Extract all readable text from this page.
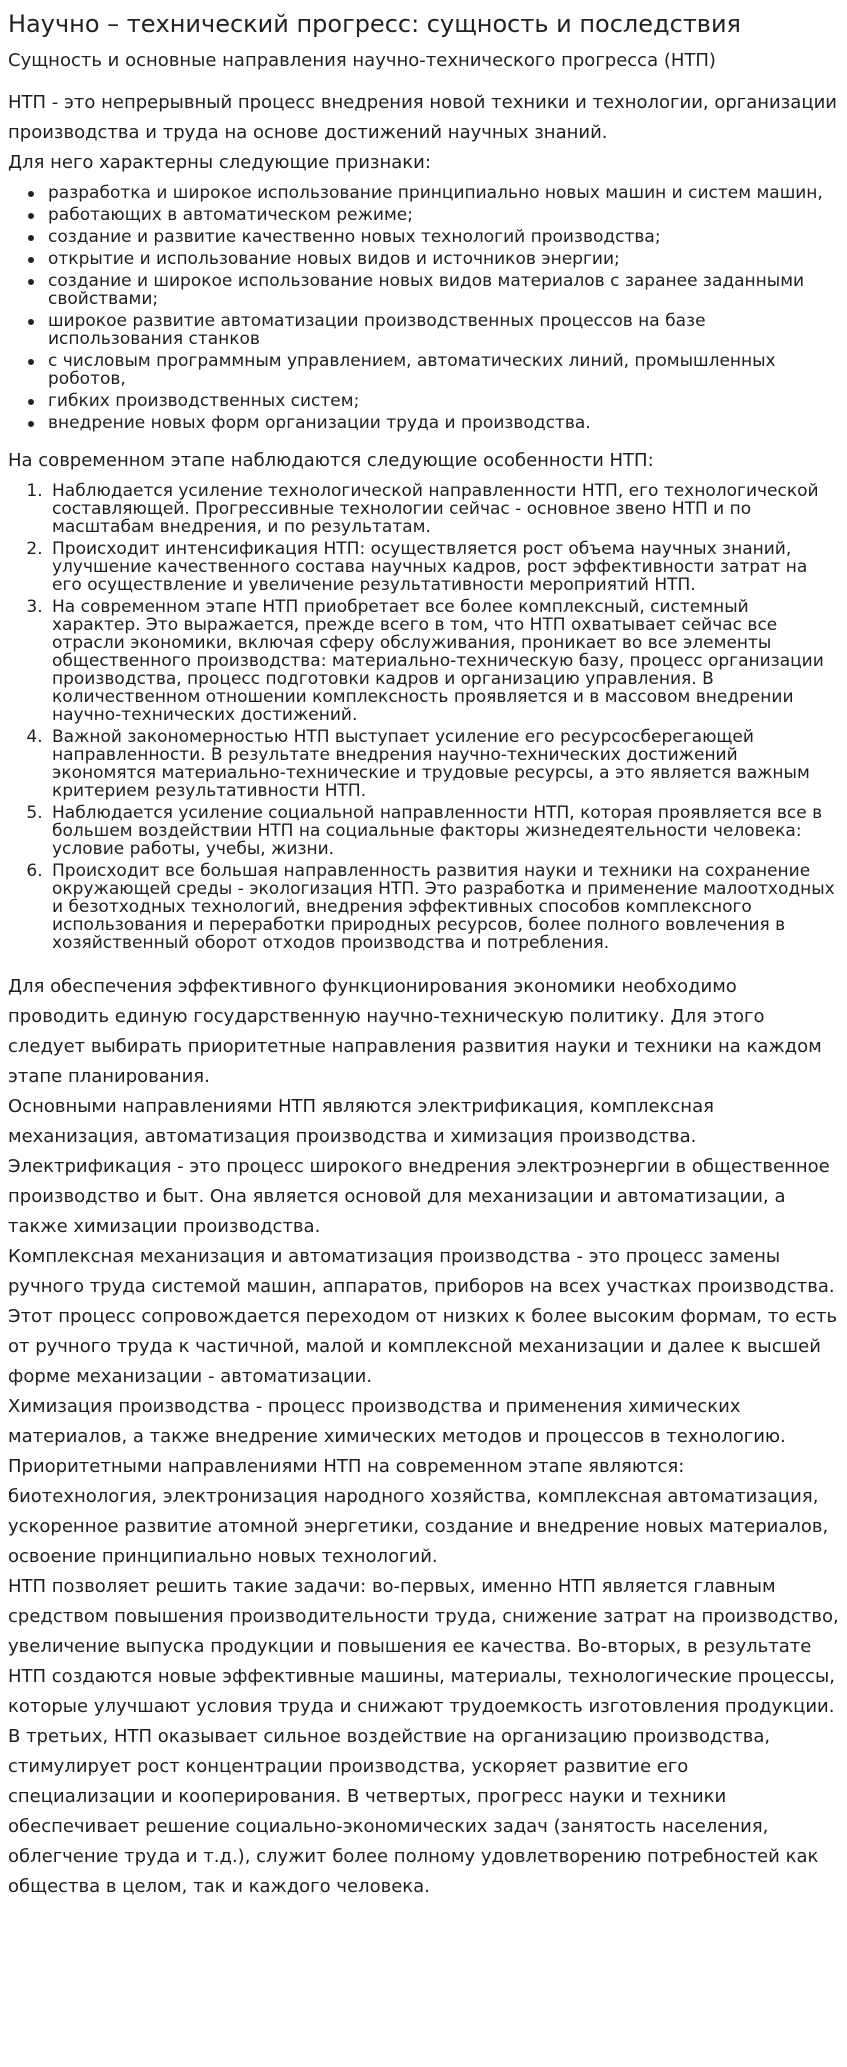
Научно – технический прогресс: сущность и последствия
Сущность и основные направления научно-технического прогресса (НТП)

НТП - это непрерывный процесс внедрения новой техники и технологии, организации производства и труда на основе достижений научных знаний.

Для него характерны следующие признаки:

разработка и широкое использование принципиально новых машин и систем машин,
работающих в автоматическом режиме;
создание и развитие качественно новых технологий производства;
открытие и использование новых видов и источников энергии;
создание и широкое использование новых видов материалов с заранее заданными свойствами;
широкое развитие автоматизации производственных процессов на базе использования станков
с числовым программным управлением, автоматических линий, промышленных роботов,
гибких производственных систем;
внедрение новых форм организации труда и производства.

На современном этапе наблюдаются следующие особенности НТП:

1. Наблюдается усиление технологической направленности НТП, его технологической составляющей. Прогрессивные технологии сейчас - основное звено НТП и по масштабам внедрения, и по результатам.
2. Происходит интенсификация НТП: осуществляется рост объема научных знаний, улучшение качественного состава научных кадров, рост эффективности затрат на его осуществление и увеличение результативности мероприятий НТП.
3. На современном этапе НТП приобретает все более комплексный, системный характер. Это выражается, прежде всего в том, что НТП охватывает сейчас все отрасли экономики, включая сферу обслуживания, проникает во все элементы общественного производства: материально-техническую базу, процесс организации производства, процесс подготовки кадров и организацию управления. В количественном отношении комплексность проявляется и в массовом внедрении научно-технических достижений.
4. Важной закономерностью НТП выступает усиление его ресурсосберегающей направленности. В результате внедрения научно-технических достижений экономятся материально-технические и трудовые ресурсы, а это является важным критерием результативности НТП.
5. Наблюдается усиление социальной направленности НТП, которая проявляется все в большем воздействии НТП на социальные факторы жизнедеятельности человека: условие работы, учебы, жизни.
6. Происходит все большая направленность развития науки и техники на сохранение окружающей среды - экологизация НТП. Это разработка и применение малоотходных и безотходных технологий, внедрения эффективных способов комплексного использования и переработки природных ресурсов, более полного вовлечения в хозяйственный оборот отходов производства и потребления.

Для обеспечения эффективного функционирования экономики необходимо проводить единую государственную научно-техническую политику. Для этого следует выбирать приоритетные направления развития науки и техники на каждом этапе планирования.

Основными направлениями НТП являются электрификация, комплексная механизация, автоматизация производства и химизация производства.

Электрификация - это процесс широкого внедрения электроэнергии в общественное производство и быт. Она является основой для механизации и автоматизации, а также химизации производства.

Комплексная механизация и автоматизация производства - это процесс замены ручного труда системой машин, аппаратов, приборов на всех участках производства. Этот процесс сопровождается переходом от низких к более высоким формам, то есть от ручного труда к частичной, малой и комплексной механизации и далее к высшей форме механизации - автоматизации.

Химизация производства - процесс производства и применения химических материалов, а также внедрение химических методов и процессов в технологию.

Приоритетными направлениями НТП на современном этапе являются: биотехнология, электронизация народного хозяйства, комплексная автоматизация, ускоренное развитие атомной энергетики, создание и внедрение новых материалов, освоение принципиально новых технологий.

НТП позволяет решить такие задачи: во-первых, именно НТП является главным средством повышения производительности труда, снижение затрат на производство, увеличение выпуска продукции и повышения ее качества. Во-вторых, в результате НТП создаются новые эффективные машины, материалы, технологические процессы, которые улучшают условия труда и снижают трудоемкость изготовления продукции. В третьих, НТП оказывает сильное воздействие на организацию производства, стимулирует рост концентрации производства, ускоряет развитие его специализации и кооперирования. В четвертых, прогресс науки и техники обеспечивает решение социально-экономических задач (занятость населения, облегчение труда и т.д.), служит более полному удовлетворению потребностей как общества в целом, так и каждого человека.
